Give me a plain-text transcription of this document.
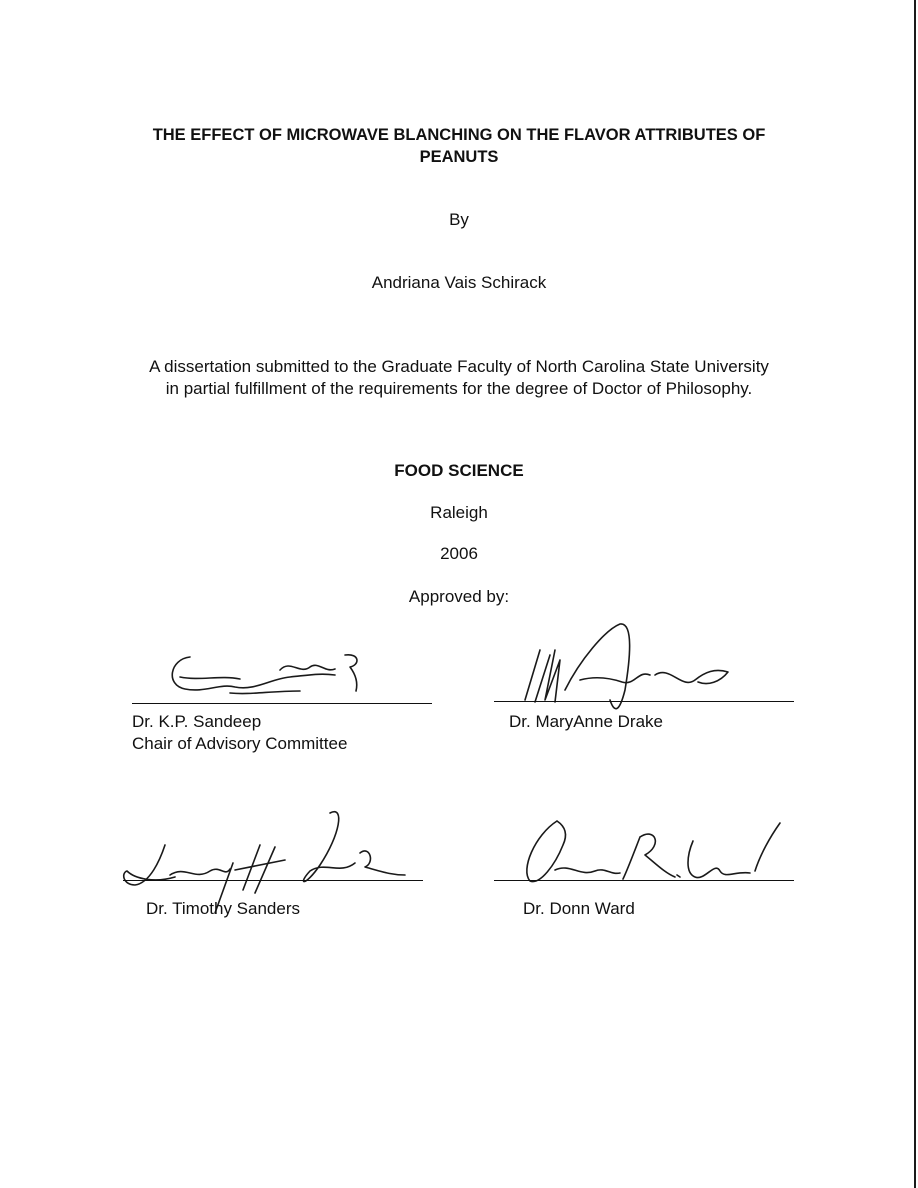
THE EFFECT OF MICROWAVE BLANCHING ON THE FLAVOR ATTRIBUTES OF PEANUTS
By
Andriana Vais Schirack
A dissertation submitted to the Graduate Faculty of North Carolina State University
in partial fulfillment of the requirements for the degree of Doctor of Philosophy.
FOOD SCIENCE
Raleigh
2006
Approved by:
Dr. K.P. Sandeep
Chair of Advisory Committee
Dr. MaryAnne Drake
Dr. Timothy Sanders	Dr. Donn Ward
